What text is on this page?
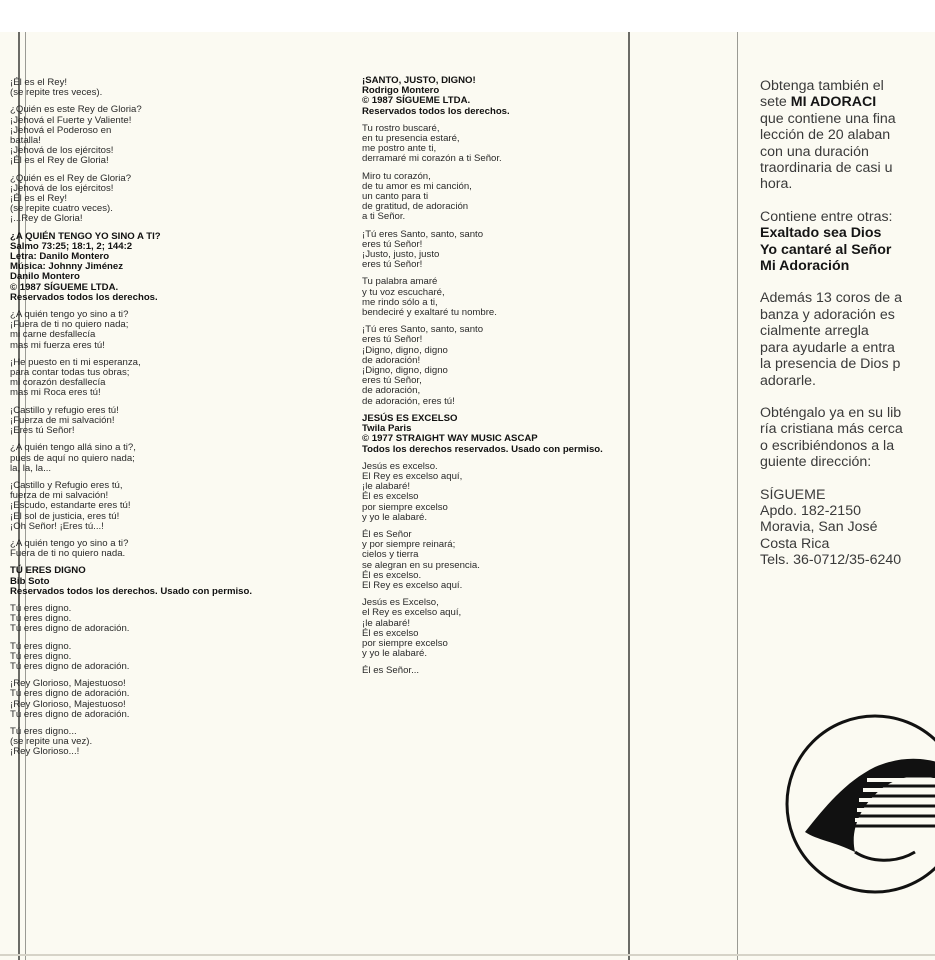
¡Él es el Rey!
(se repite tres veces).
¿Quién es este Rey de Gloria?
¡Jehová el Fuerte y Valiente!
¡Jehová el Poderoso en
batalla!
¡Jehová de los ejércitos!
¡Él es el Rey de Gloria!
¿Quién es el Rey de Gloria?
¡Jehová de los ejércitos!
¡Él es el Rey!
(se repite cuatro veces).
¡...Rey de Gloria!
¿A QUIÉN TENGO YO SINO A TI?
Salmo 73:25; 18:1, 2; 144:2
Letra: Danilo Montero
Música: Johnny Jiménez
Danilo Montero
© 1987 SÍGUEME LTDA.
Reservados todos los derechos.
¿A quién tengo yo sino a ti?
¡Fuera de ti no quiero nada;
mi carne desfallecía
mas mi fuerza eres tú!
¡He puesto en ti mi esperanza,
para contar todas tus obras;
mi corazón desfallecía
mas mi Roca eres tú!
¡Castillo y refugio eres tú!
¡Fuerza de mi salvación!
¡Eres tú Señor!
¿A quién tengo allá sino a ti?,
pues de aquí no quiero nada;
la, la, la...
¡Castillo y Refugio eres tú,
fuerza de mi salvación!
¡Escudo, estandarte eres tú!
¡El sol de justicia, eres tú!
¡Oh Señor! ¡Eres tú...!
¿A quién tengo yo sino a ti?
Fuera de ti no quiero nada.
TÚ ERES DIGNO
Bib Soto
Reservados todos los derechos. Usado con permiso.
Tú eres digno.
Tú eres digno.
Tú eres digno de adoración.
Tú eres digno.
Tú eres digno.
Tú eres digno de adoración.
¡Rey Glorioso, Majestuoso!
Tú eres digno de adoración.
¡Rey Glorioso, Majestuoso!
Tú eres digno de adoración.
Tú eres digno...
(se repite una vez).
¡Rey Glorioso...!
¡SANTO, JUSTO, DIGNO!
Rodrigo Montero
© 1987 SÍGUEME LTDA.
Reservados todos los derechos.
Tu rostro buscaré,
en tu presencia estaré,
me postro ante ti,
derramaré mi corazón a ti Señor.
Miro tu corazón,
de tu amor es mi canción,
un canto para ti
de gratitud, de adoración
a ti Señor.
¡Tú eres Santo, santo, santo
eres tú Señor!
¡Justo, justo, justo
eres tú Señor!
Tu palabra amaré
y tu voz escucharé,
me rindo sólo a ti,
bendeciré y exaltaré tu nombre.
¡Tú eres Santo, santo, santo
eres tú Señor!
¡Digno, digno, digno
de adoración!
¡Digno, digno, digno
eres tú Señor,
de adoración,
de adoración, eres tú!
JESÚS ES EXCELSO
Twila Paris
© 1977 STRAIGHT WAY MUSIC ASCAP
Todos los derechos reservados. Usado con permiso.
Jesús es excelso.
El Rey es excelso aquí,
¡le alabaré!
Él es excelso
por siempre excelso
y yo le alabaré.
Él es Señor
y por siempre reinará;
cielos y tierra
se alegran en su presencia.
Él es excelso.
El Rey es excelso aquí.
Jesús es Excelso,
el Rey es excelso aquí,
¡le alabaré!
Él es excelso
por siempre excelso
y yo le alabaré.
Él es Señor...
Obtenga también el
sete MI ADORACI
que contiene una fina
lección de 20 alaban
con una duración
traordinaria de casi u
hora.
Contiene entre otras:
Exaltado sea Dios
Yo cantaré al Señor
Mi Adoración
Además 13 coros de a
banza y adoración es
cialmente arregla
para ayudarle a entra
la presencia de Dios p
adorarle.
Obténgalo ya en su lib
ría cristiana más cerca
o escribiéndonos a la
guiente dirección:
SÍGUEME
Apdo. 182-2150
Moravia, San José
Costa Rica
Tels. 36-0712/35-6240
